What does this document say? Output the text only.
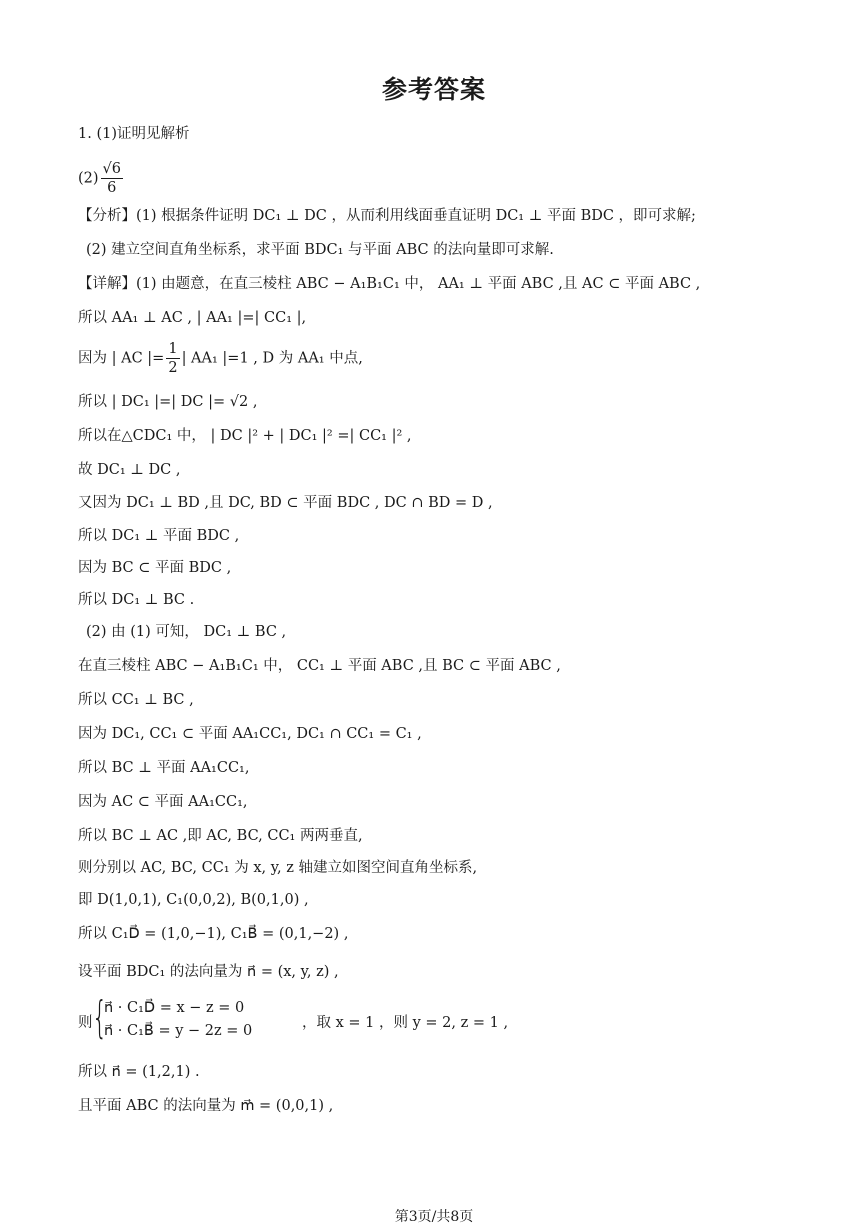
参考答案
1. (1)证明见解析
$(2) \frac{√6}{6}$
【分析】(1) 根据条件证明 DC₁ ⊥ DC ，从而利用线面垂直证明 DC₁ ⊥ 平面 BDC ，即可求解;
(2) 建立空间直角坐标系，求平面 BDC₁ 与平面 ABC 的法向量即可求解.
【详解】(1) 由题意，在直三棱柱 ABC − A₁B₁C₁ 中， AA₁ ⊥ 平面 ABC ,且 AC ⊂ 平面 ABC ,
所以 AA₁ ⊥ AC , | AA₁ |=| CC₁ |,
因为 | AC |= $\frac{1}{2}$ | AA₁ |=1 , D 为 AA₁ 中点,
所以 | DC₁ |=| DC |= √2 ,
所以在△CDC₁ 中， | DC |² + | DC₁ |² =| CC₁ |² ,
故 DC₁ ⊥ DC ,
又因为 DC₁ ⊥ BD ,且 DC, BD ⊂ 平面 BDC , DC ∩ BD = D ,
所以 DC₁ ⊥ 平面 BDC ,
因为 BC ⊂ 平面 BDC ,
所以 DC₁ ⊥ BC .
(2) 由 (1) 可知， DC₁ ⊥ BC ,
在直三棱柱 ABC − A₁B₁C₁ 中， CC₁ ⊥ 平面 ABC ,且 BC ⊂ 平面 ABC ,
所以 CC₁ ⊥ BC ,
因为 DC₁, CC₁ ⊂ 平面 AA₁CC₁, DC₁ ∩ CC₁ = C₁ ,
所以 BC ⊥ 平面 AA₁CC₁,
因为 AC ⊂ 平面 AA₁CC₁,
所以 BC ⊥ AC ,即 AC, BC, CC₁ 两两垂直,
则分别以 AC, BC, CC₁ 为 x, y, z 轴建立如图空间直角坐标系,
即 D(1,0,1), C₁(0,0,2), B(0,1,0) ,
所以 C₁D⃗ = (1,0,−1), C₁B⃗ = (0,1,−2) ,
设平面 BDC₁ 的法向量为 n⃗ = (x, y, z) ,
则 {
n⃗ · C₁D⃗ = x − z = 0
n⃗ · C₁B⃗ = y − 2z = 0	，取 x = 1 ，则 y = 2, z = 1 ,
所以 n⃗ = (1,2,1) .
且平面 ABC 的法向量为 m⃗ = (0,0,1) ,
第3页/共8页
